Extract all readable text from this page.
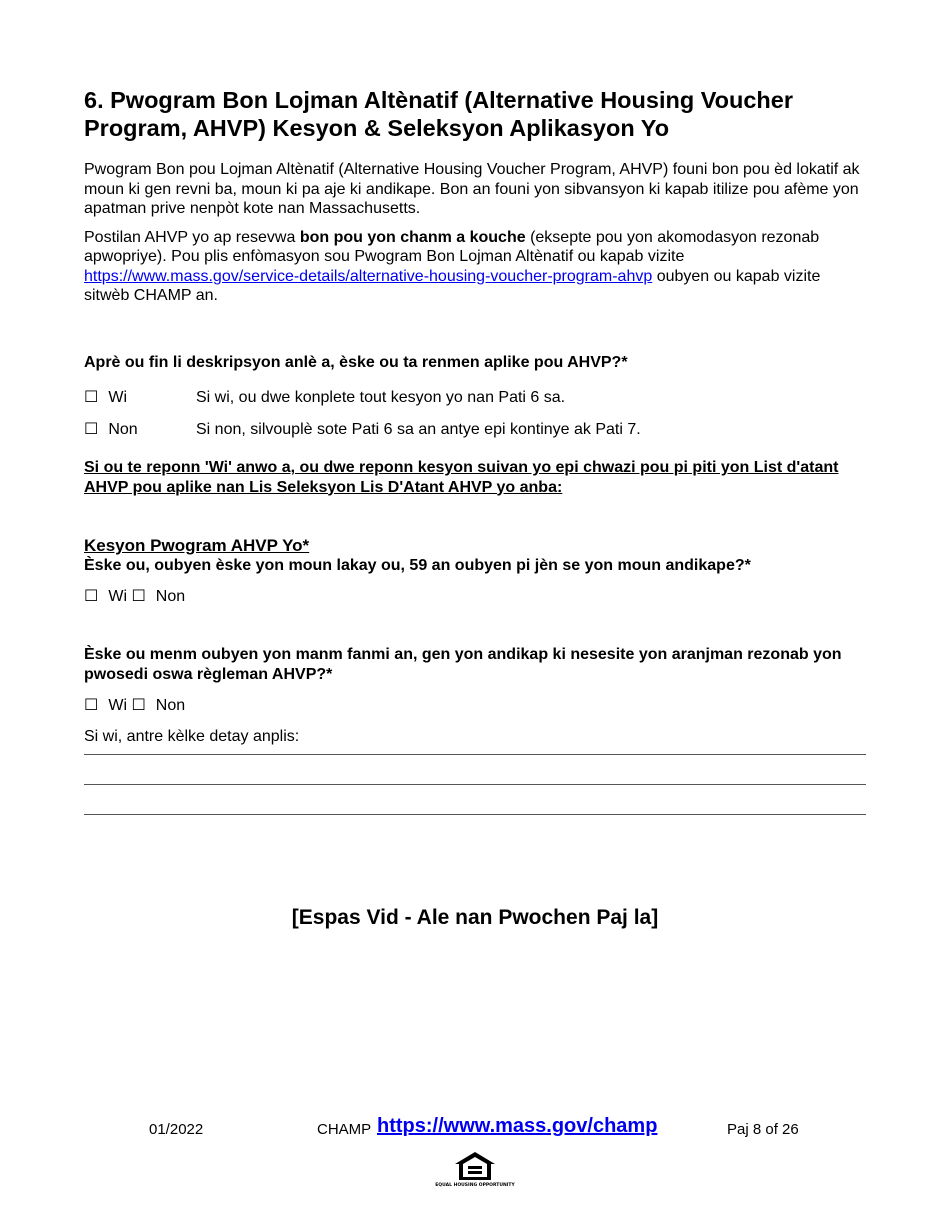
6. Pwogram Bon Lojman Altènatif (Alternative Housing Voucher Program, AHVP) Kesyon & Seleksyon Aplikasyon Yo

Pwogram Bon pou Lojman Altènatif (Alternative Housing Voucher Program, AHVP) founi bon pou èd lokatif ak moun ki gen revni ba, moun ki pa aje ki andikape. Bon an founi yon sibvansyon ki kapab itilize pou afème yon apatman prive nenpòt kote nan Massachusetts.

Postilan AHVP yo ap resevwa bon pou yon chanm a kouche (eksepte pou yon akomodasyon rezonab apwopriye). Pou plis enfòmasyon sou Pwogram Bon Lojman Altènatif ou kapab vizite https://www.mass.gov/service-details/alternative-housing-voucher-program-ahvp oubyen ou kapab vizite sitwèb CHAMP an.

Aprè ou fin li deskripsyon anlè a, èske ou ta renmen aplike pou AHVP?*
☐ Wi	Si wi, ou dwe konplete tout kesyon yo nan Pati 6 sa.
☐ Non	Si non, silvouplè sote Pati 6 sa an antye epi kontinye ak Pati 7.
Si ou te reponn 'Wi' anwo a, ou dwe reponn kesyon suivan yo epi chwazi pou pi piti yon List d'atant AHVP pou aplike nan Lis Seleksyon Lis D'Atant AHVP yo anba:
Kesyon Pwogram AHVP Yo*
Èske ou, oubyen èske yon moun lakay ou, 59 an oubyen pi jèn se yon moun andikape?*
☐ Wi
☐ Non
Èske ou menm oubyen yon manm fanmi an, gen yon andikap ki nesesite yon aranjman rezonab yon pwosedi oswa règleman AHVP?*
☐ Wi
☐ Non
Si wi, antre kèlke detay anplis:
[Espas Vid - Ale nan Pwochen Paj la]
01/2022	CHAMP https://www.mass.gov/champ	Paj 8 of 26
EQUAL HOUSING OPPORTUNITY
